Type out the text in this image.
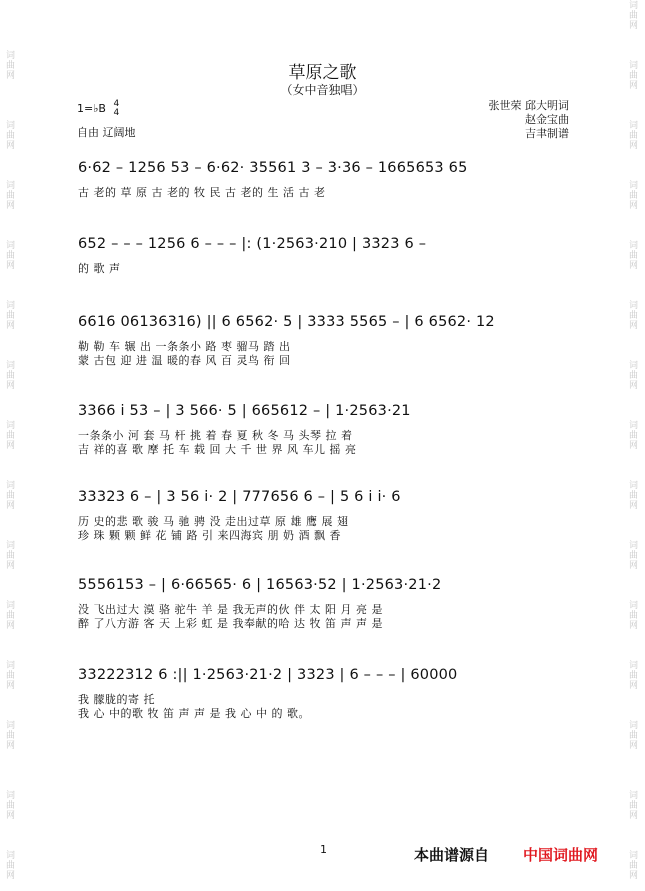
词曲网
词曲网
词曲网
词曲网
词曲网
词曲网
词曲网
词曲网
词曲网
词曲网
词曲网
词曲网
词曲网
词曲网
词曲网
词曲网
词曲网
词曲网
词曲网
词曲网
词曲网
词曲网
词曲网
词曲网
词曲网
词曲网
词曲网
词曲网
词曲网
草原之歌
（女中音独唱）
1=♭B 4
4
自由 辽阔地
张世荣 邱大明词
赵金宝曲
吉聿制谱
6·62 – 1256 53 – 6·62· 35561 3 – 3·36 – 1665653 65
古 老的 草 原 古 老的 牧 民 古 老的 生 活 古 老
652 – – – 1256 6 – – – |: (1·2563·210 | 3323 6 –
的 歌 声
6616 06136316) || 6 6562· 5 | 3333 5565 – | 6 6562· 12
勒 勒 车 辗 出 一条条小 路 枣 骝马 踏 出
蒙 古包 迎 进 温 暖的春 风 百 灵鸟 衔 回
3366 i 53 – | 3 566· 5 | 665612 – | 1·2563·21
一条条小 河 套 马 杆 挑 着 春 夏 秋 冬 马 头琴 拉 着
吉 祥的喜 歌 摩 托 车 载 回 大 千 世 界 风 车儿 摇 亮
33323 6 – | 3 56 i· 2 | 777656 6 – | 5 6 i i· 6
历 史的悲 歌 骏 马 驰 骋 没 走出过草 原 雄 鹰 展 翅
珍 珠 颗 颗 鲜 花 铺 路 引 来四海宾 朋 奶 酒 飘 香
5556153 – | 6·66565· 6 | 16563·52 | 1·2563·21·2
没 飞出过大 漠 骆 驼牛 羊 是 我无声的伙 伴 太 阳 月 亮 是
醉 了八方游 客 天 上彩 虹 是 我奉献的哈 达 牧 笛 声 声 是
33222312 6 :|| 1·2563·21·2 | 3323 | 6 – – – | 60000
我 朦胧的寄 托
我 心 中的歌 牧 笛 声 声 是 我 心 中 的 歌。
1	本曲谱源自 中国词曲网
